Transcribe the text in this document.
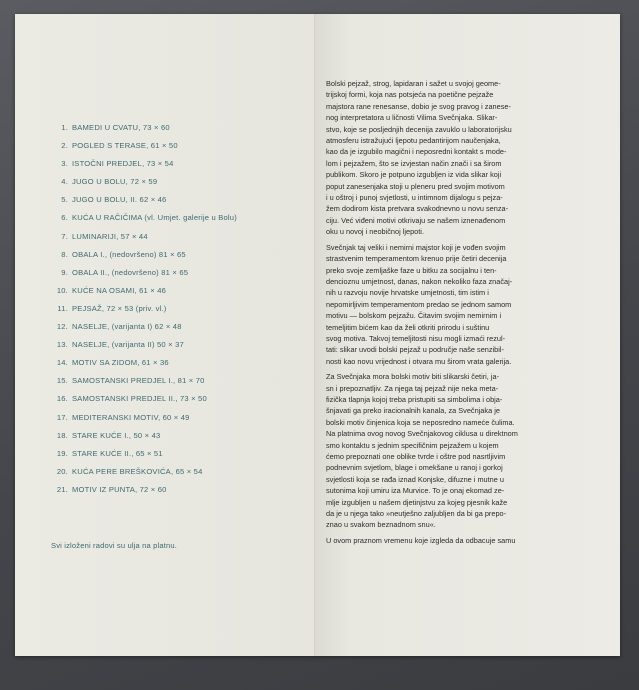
1. BAMEDI U CVATU, 73 × 60
2. POGLED S TERASE, 61 × 50
3. ISTOČNI PREDJEL, 73 × 54
4. JUGO U BOLU, 72 × 59
5. JUGO U BOLU, II. 62 × 46
6. KUĆA U RAČIČIMA (vl. Umjet. galerije u Bolu)
7. LUMINARIJI, 57 × 44
8. OBALA I., (nedovršeno) 81 × 65
9. OBALA II., (nedovršeno) 81 × 65
10. KUĆE NA OSAMI, 61 × 46
11. PEJSAŽ, 72 × 53 (priv. vl.)
12. NASELJE, (varijanta I) 62 × 48
13. NASELJE, (varijanta II) 50 × 37
14. MOTIV SA ZIDOM, 61 × 36
15. SAMOSTANSKI PREDJEL I., 81 × 70
16. SAMOSTANSKI PREDJEL II., 73 × 50
17. MEDITERANSKI MOTIV, 60 × 49
18. STARE KUĆE I., 50 × 43
19. STARE KUĆE II., 65 × 51
20. KUĆA PERE BREŠKOVIĆA, 65 × 54
21. MOTIV IZ PUNTA, 72 × 60
Svi izloženi radovi su ulja na platnu.
Bolski pejzaž, strog, lapidaran i sažet u svojoj geome-
trijskoj formi, koja nas potsjeća na poetične pejzaže
majstora rane renesanse, dobio je svog pravog i zanese-
nog interpretatora u ličnosti Vilima Svečnjaka. Slikar-
stvo, koje se posljednjih decenija zavuklo u laboratorijsku
atmosferu istražujući ljepotu pedantirijom naučenjaka,
kao da je izgubilo magični i neposredni kontakt s mode-
lom i pejzažem, što se izvjestan način znači i sa širom
publikom. Skoro je potpuno izgubljen iz vida slikar koji
poput zanesenjaka stoji u pleneru pred svojim motivom
i u oštroj i punoj svjetlosti, u intimnom dijalogu s pejza-
žem dodirom kista pretvara svakodnevno u novu senza-
ciju. Već viđeni motivi otkrivaju se našem iznenađenom
oku u novoj i neobičnoj ljepoti.
Svečnjak taj veliki i nemirni majstor koji je vođen svojim
strastvenim temperamentom krenuo prije četiri decenija
preko svoje zemljaške faze u bitku za socijalnu i ten-
dencioznu umjetnost, danas, nakon nekoliko faza značaj-
nih u razvoju novije hrvatske umjetnosti, tim istim i
nepomirljivim temperamentom predao se jednom samom
motivu — bolskom pejzažu. Čitavim svojim nemirnim i
temeljitim bićem kao da želi otkriti prirodu i suštinu
svog motiva. Takvoj temeljitosti nisu mogli izmaći rezul-
tati: slikar uvodi bolski pejzaž u područje naše senzibil-
nosti kao novu vrijednost i otvara mu širom vrata galerija.
Za Svečnjaka mora bolski motiv biti slikarski četiri, ja-
sn i prepoznatljiv. Za njega taj pejzaž nije neka meta-
fizička tlapnja kojoj treba pristupiti sa simbolima i obja-
šnjavati ga preko iracionalnih kanala, za Svečnjaka je
bolski motiv činjenica koja se neposredno nameće čulima.
Na platnima ovog novog Svečnjakovog ciklusa u direktnom
smo kontaktu s jednim specifičnim pejzažem u kojem
ćemo prepoznati one oblike tvrde i oštre pod nasrtljivim
podnevnim svjetlom, blage i omekšane u ranoj i gorkoj
svjetlosti koja se rađa iznad Konjske, difuzne i mutne u
sutonima koji umiru iza Murvice. To je onaj ekomad ze-
mlje izgubljen u našem djetinjstvu za kojeg pjesnik kaže
da je u njega tako »neutješno zaljubljen da bi ga prepo-
znao u svakom beznadnom snu«.
U ovom praznom vremenu koje izgleda da odbacuje samu
